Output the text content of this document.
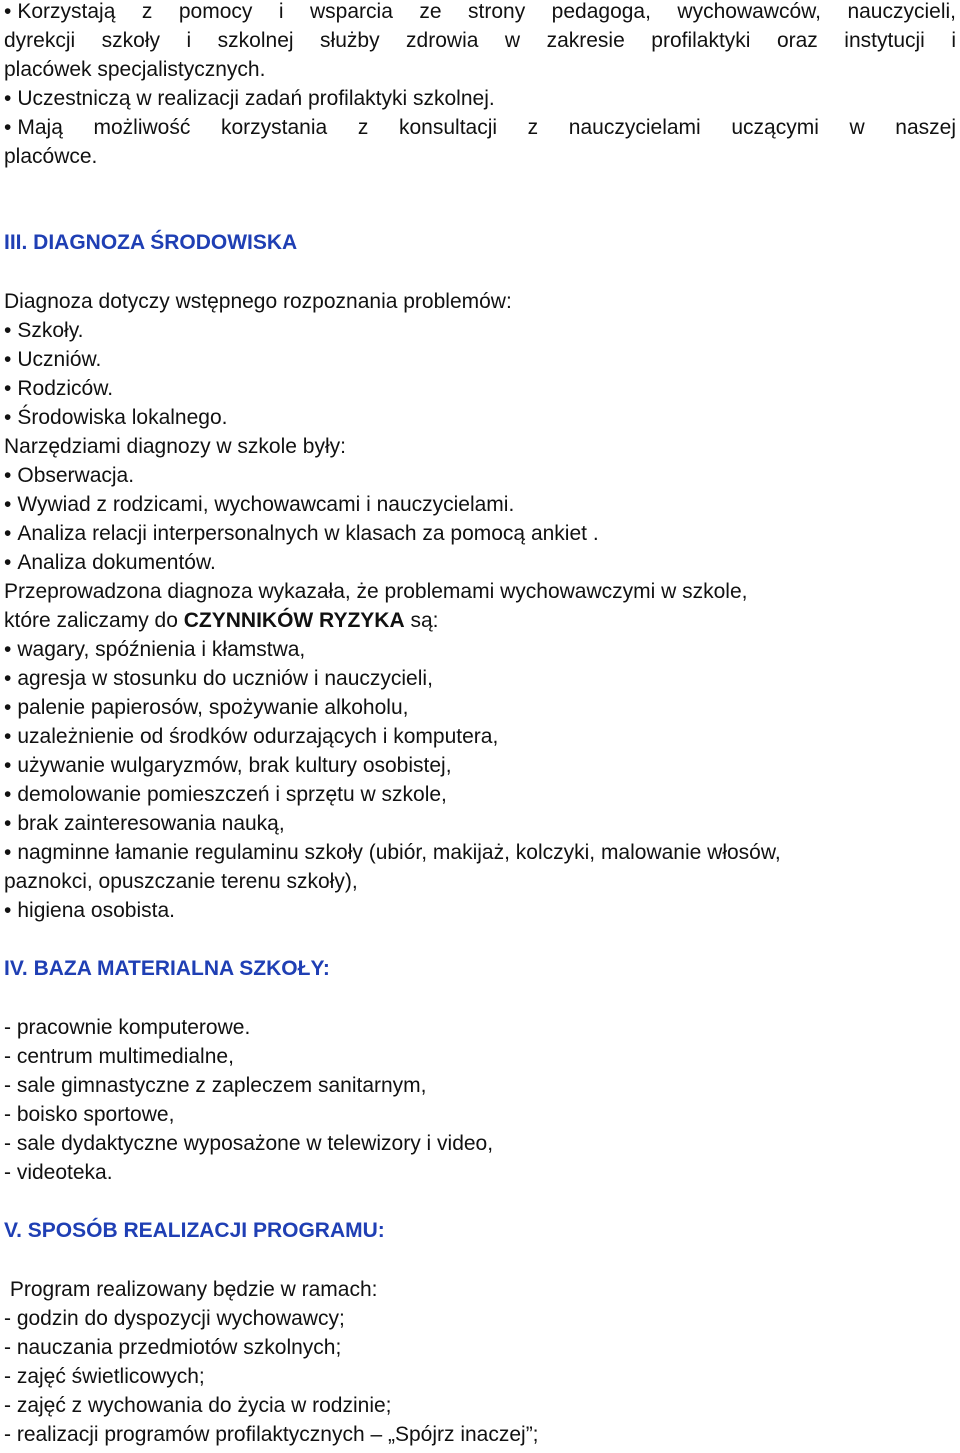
• Korzystają z pomocy i wsparcia ze strony pedagoga, wychowawców, nauczycieli,
dyrekcji szkoły i szkolnej służby zdrowia w zakresie profilaktyki oraz instytucji i
placówek specjalistycznych.
• Uczestniczą w realizacji zadań profilaktyki szkolnej.
• Mają możliwość korzystania z konsultacji z nauczycielami uczącymi w naszej
placówce.
III. DIAGNOZA ŚRODOWISKA
Diagnoza dotyczy wstępnego rozpoznania problemów:
• Szkoły.
• Uczniów.
• Rodziców.
• Środowiska lokalnego.
Narzędziami diagnozy w szkole były:
• Obserwacja.
• Wywiad z rodzicami, wychowawcami i nauczycielami.
• Analiza relacji interpersonalnych w klasach za pomocą ankiet .
• Analiza dokumentów.
Przeprowadzona diagnoza wykazała, że problemami wychowawczymi w szkole,
które zaliczamy do CZYNNIKÓW RYZYKA są:
• wagary, spóźnienia i kłamstwa,
• agresja w stosunku do uczniów i nauczycieli,
• palenie papierosów, spożywanie alkoholu,
• uzależnienie od środków odurzających i komputera,
• używanie wulgaryzmów, brak kultury osobistej,
• demolowanie pomieszczeń i sprzętu w szkole,
• brak zainteresowania nauką,
• nagminne łamanie regulaminu szkoły (ubiór, makijaż, kolczyki, malowanie włosów,
paznokci, opuszczanie terenu szkoły),
• higiena osobista.
IV. BAZA MATERIALNA SZKOŁY:
- pracownie komputerowe.
- centrum multimedialne,
- sale gimnastyczne z zapleczem sanitarnym,
- boisko sportowe,
- sale dydaktyczne wyposażone w telewizory i video,
- videoteka.
V. SPOSÓB REALIZACJI PROGRAMU:
Program realizowany będzie w ramach:
- godzin do dyspozycji wychowawcy;
- nauczania przedmiotów szkolnych;
- zajęć świetlicowych;
- zajęć z wychowania do życia w rodzinie;
- realizacji programów profilaktycznych – „Spójrz inaczej”;
